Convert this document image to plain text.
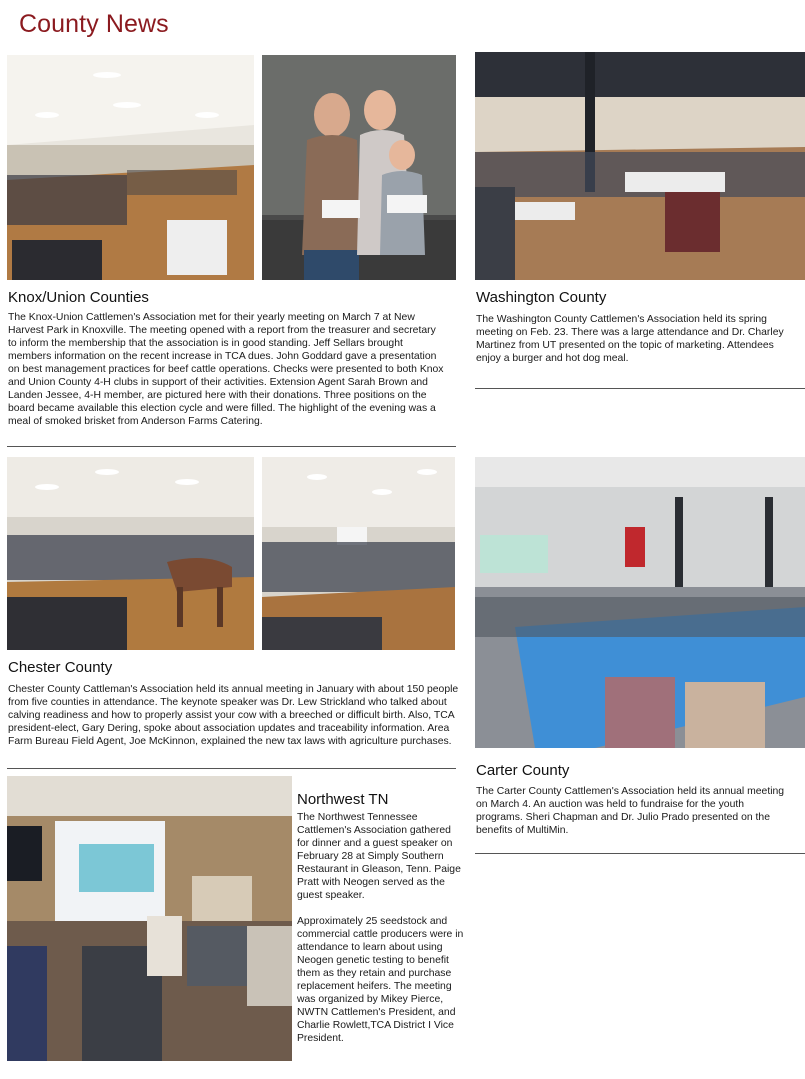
County News
Knox/Union Counties

The Knox-Union Cattlemen's Association met for their yearly meeting on March 7 at New Harvest Park in Knoxville. The meeting opened with a report from the treasurer and secretary to inform the membership that the association is in good standing. Jeff Sellars brought members information on the recent increase in TCA dues. John Goddard gave a presentation on best management practices for beef cattle operations. Checks were presented to both Knox and Union County 4-H clubs in support of their activities. Extension Agent Sarah Brown and Landen Jessee, 4-H member, are pictured here with their donations. Three positions on the board became available this election cycle and were filled. The highlight of the evening was a meal of smoked brisket from Anderson Farms Catering.

Washington County

The Washington County Cattlemen's Association held its spring meeting on Feb. 23. There was a large attendance and Dr. Charley Martinez from UT presented on the topic of marketing. Attendees enjoy a burger and hot dog meal.

Chester County

Chester County Cattleman's Association held its annual meeting in January with about 150 people from five counties in attendance. The keynote speaker was Dr. Lew Strickland who talked about calving readiness and how to properly assist your cow with a breeched or difficult birth. Also, TCA president-elect, Gary Dering, spoke about association updates and traceability information. Area Farm Bureau Field Agent, Joe McKinnon, explained the new tax laws with agriculture purchases.

Carter County

The Carter County Cattlemen's Association held its annual meeting on March 4. An auction was held to fundraise for the youth programs. Sheri Chapman and Dr. Julio Prado presented on the benefits of MultiMin.

Northwest TN

The Northwest Tennessee Cattlemen's Association gathered for dinner and a guest speaker on February 28 at Simply Southern Restaurant in Gleason, Tenn. Paige Pratt with Neogen served as the guest speaker.

Approximately 25 seedstock and commercial cattle producers were in attendance to learn about using Neogen genetic testing to benefit them as they retain and purchase replacement heifers. The meeting was organized by Mikey Pierce, NWTN Cattlemen's President, and Charlie Rowlett,TCA District I Vice President.
